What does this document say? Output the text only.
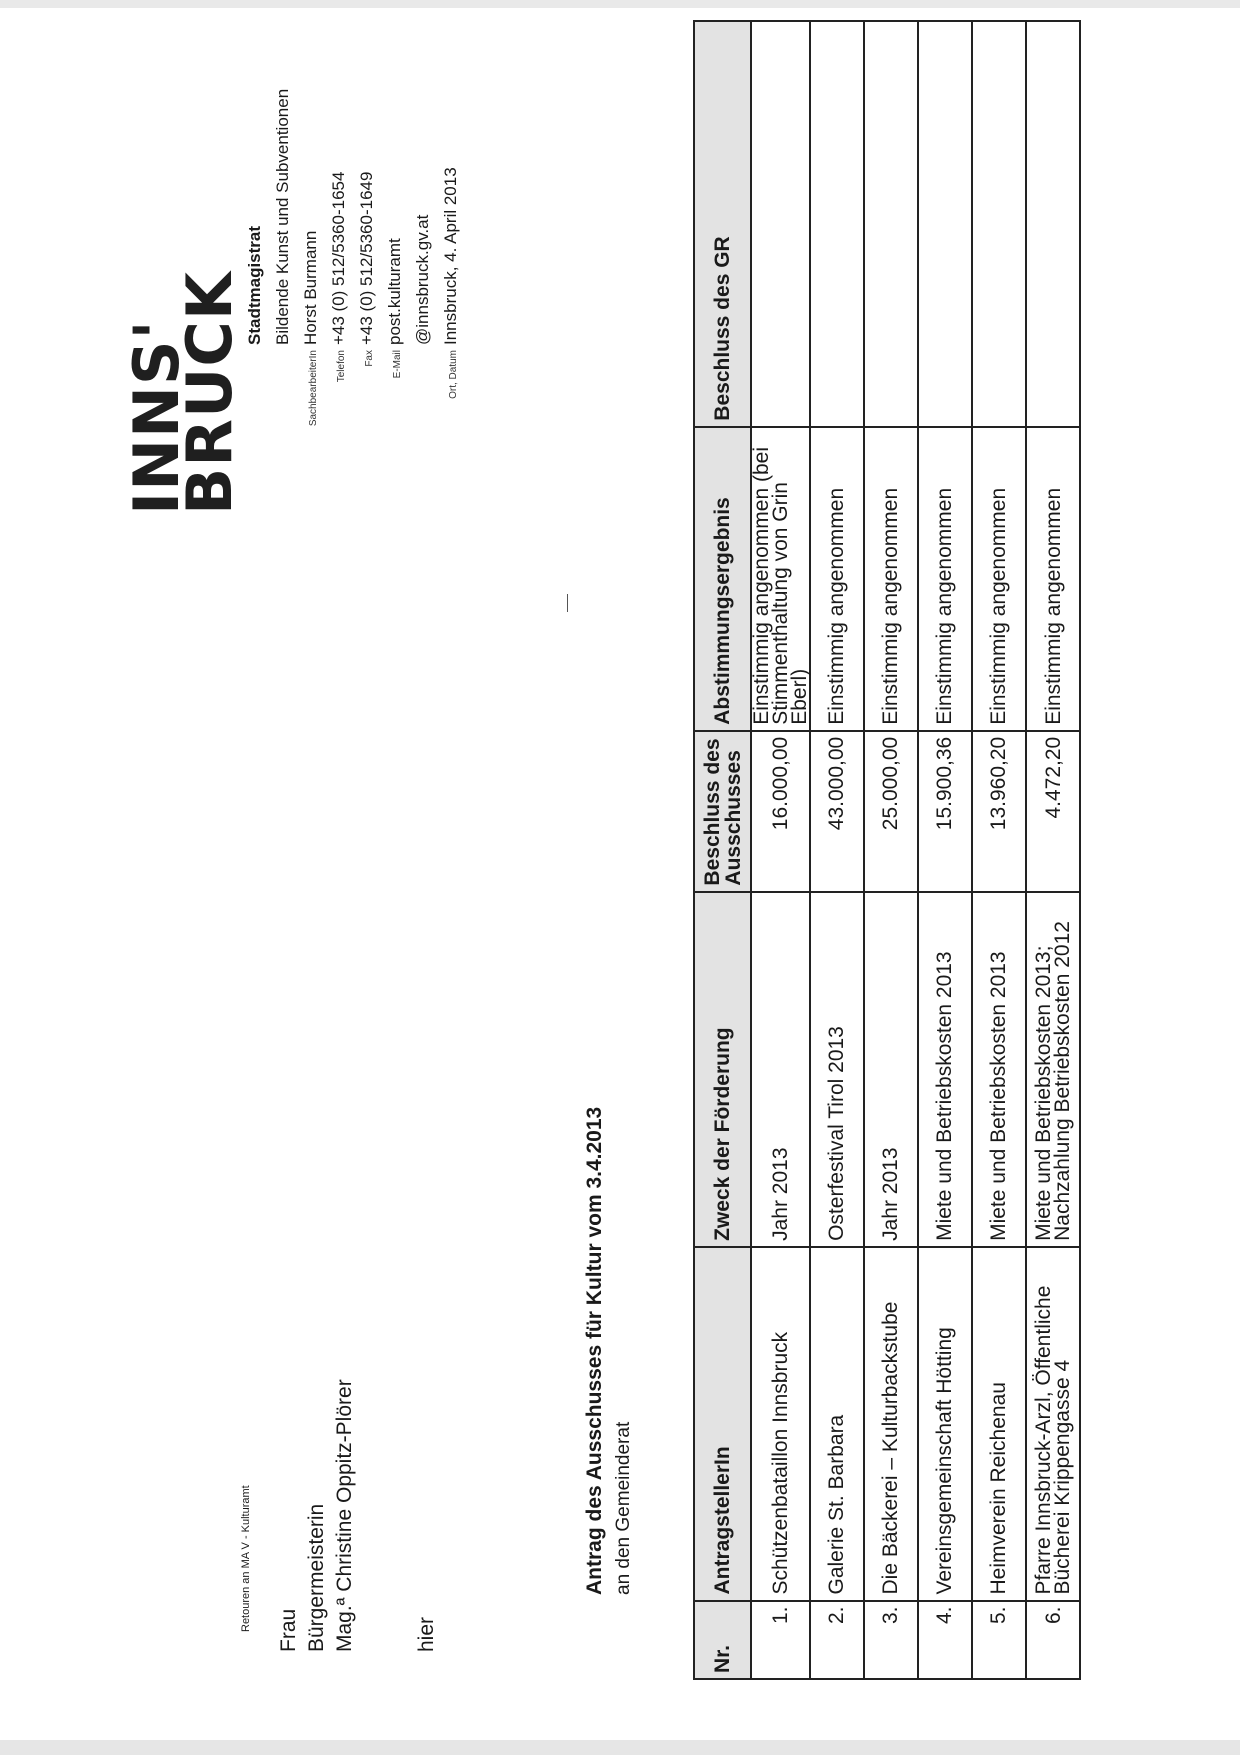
Retouren an MA V - Kulturamt Frau Bürgermeisterin Mag.ª Christine Oppitz-Plörer	hier
Antrag des Ausschusses für Kultur vom 3.4.2013 an den Gemeinderat
INNS'
BRUCK Stadtmagistrat Bildende Kunst und Subventionen
SachbearbeiterIn
Horst Burmann
Telefon
+43 (0) 512/5360-1654
Fax
+43 (0) 512/5360-1649
E-Mail
post.kulturamt @innsbruck.gv.at
Ort, Datum
Innsbruck, 4. April 2013
Nr.	AntragstellerIn	Zweck der Förderung	Beschluss des Ausschusses	Abstimmungsergebnis	Beschluss des GR
1.	Schützenbataillon Innsbruck	Jahr 2013	16.000,00	Einstimmig angenommen (bei Stimmenthaltung von Grin Eberl)	
2.	Galerie St. Barbara	Osterfestival Tirol 2013	43.000,00	Einstimmig angenommen	
3.	Die Bäckerei – Kulturbackstube	Jahr 2013	25.000,00	Einstimmig angenommen	
4.	Vereinsgemeinschaft Hötting	Miete und Betriebskosten 2013	15.900,36	Einstimmig angenommen	
5.	Heimverein Reichenau	Miete und Betriebskosten 2013	13.960,20	Einstimmig angenommen	
6.	Pfarre Innsbruck-Arzl, Öffentliche Bücherei Krippengasse 4	Miete und Betriebskosten 2013; Nachzahlung Betriebskosten 2012	4.472,20	Einstimmig angenommen	
